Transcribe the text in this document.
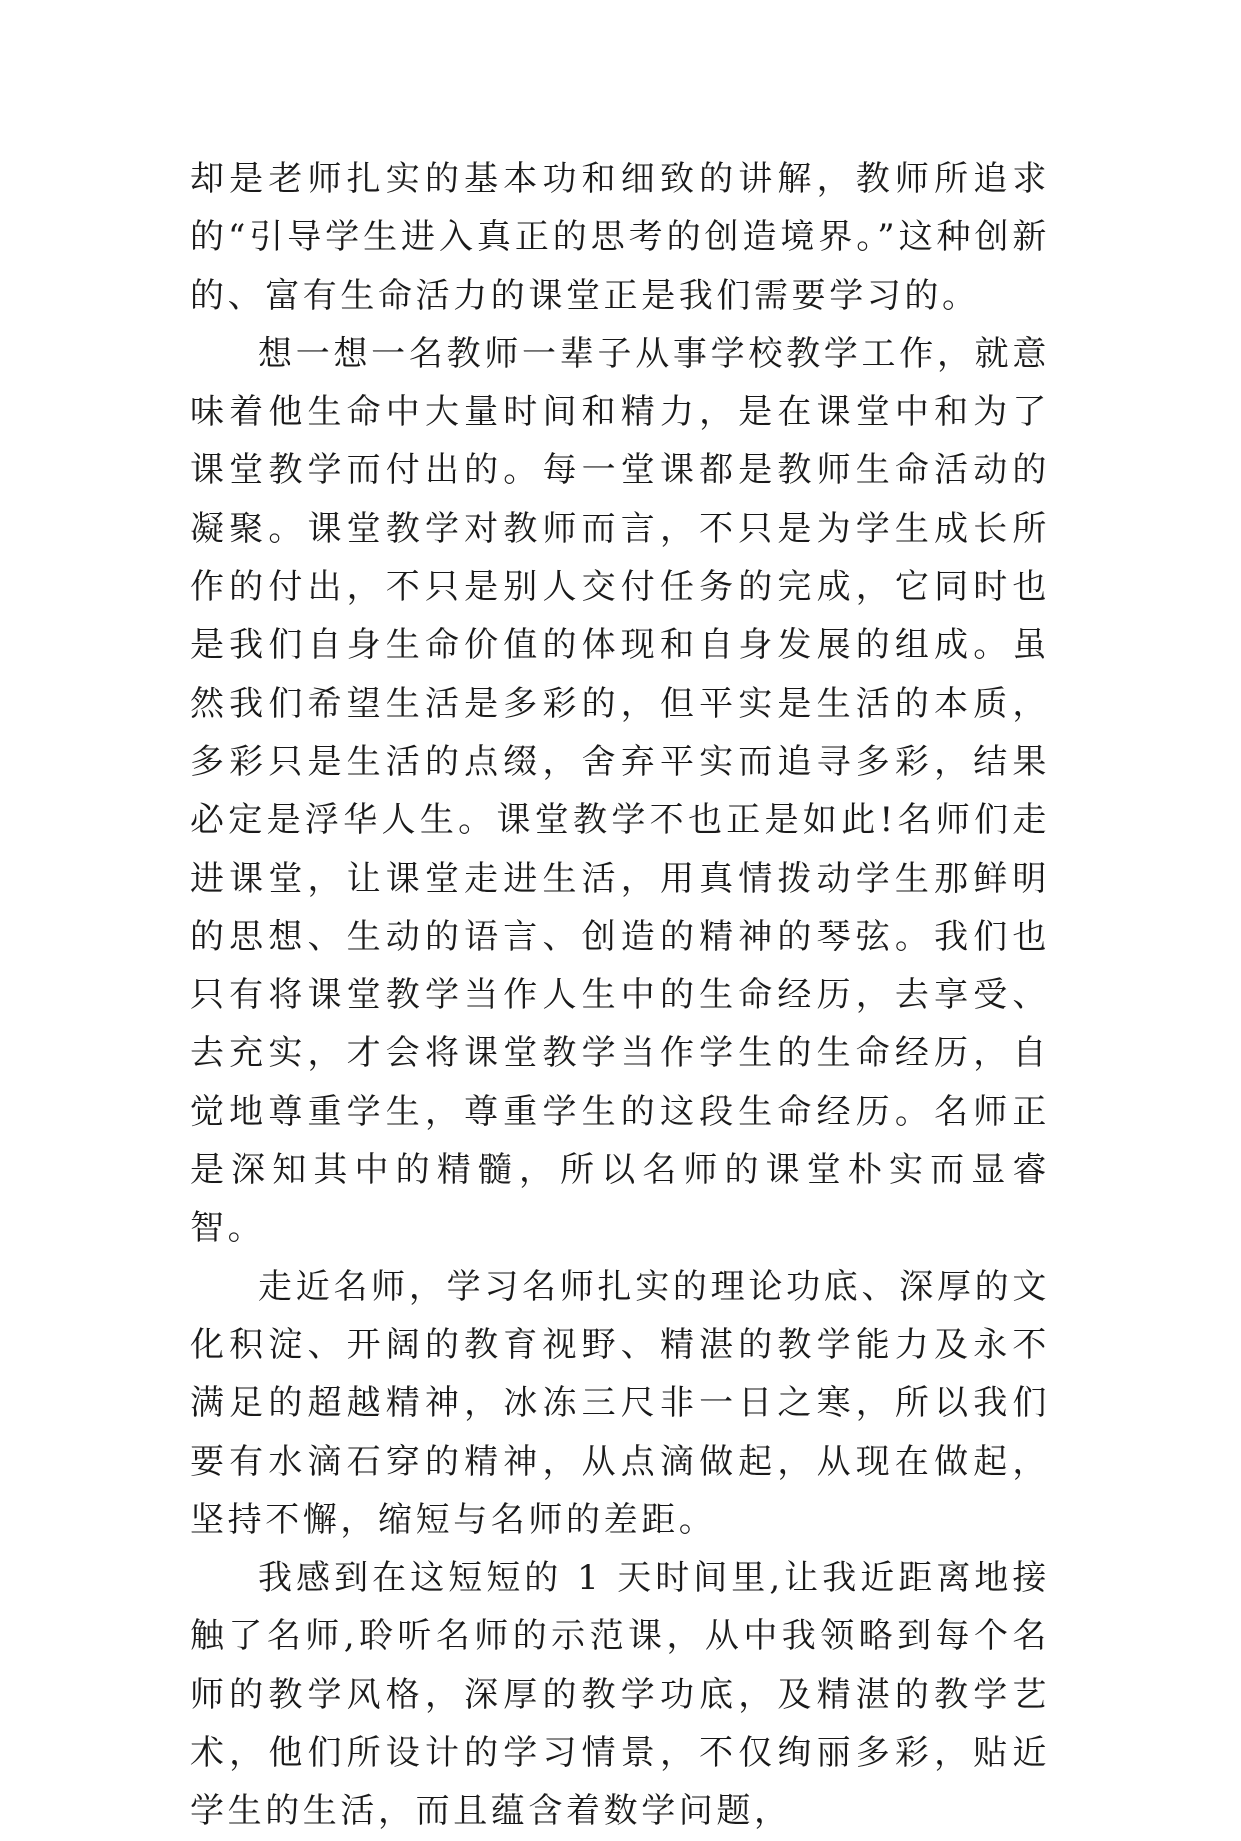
却是老师扎实的基本功和细致的讲解，教师所追求的“引导学生进入真正的思考的创造境界。”这种创新的、富有生命活力的课堂正是我们需要学习的。

想一想一名教师一辈子从事学校教学工作，就意味着他生命中大量时间和精力，是在课堂中和为了课堂教学而付出的。每一堂课都是教师生命活动的凝聚。课堂教学对教师而言，不只是为学生成长所作的付出，不只是别人交付任务的完成，它同时也是我们自身生命价值的体现和自身发展的组成。虽然我们希望生活是多彩的，但平实是生活的本质，多彩只是生活的点缀，舍弃平实而追寻多彩，结果必定是浮华人生。课堂教学不也正是如此!名师们走进课堂，让课堂走进生活，用真情拨动学生那鲜明的思想、生动的语言、创造的精神的琴弦。我们也只有将课堂教学当作人生中的生命经历，去享受、去充实，才会将课堂教学当作学生的生命经历，自觉地尊重学生，尊重学生的这段生命经历。名师正是深知其中的精髓，所以名师的课堂朴实而显睿智。

走近名师，学习名师扎实的理论功底、深厚的文化积淀、开阔的教育视野、精湛的教学能力及永不满足的超越精神，冰冻三尺非一日之寒，所以我们要有水滴石穿的精神，从点滴做起，从现在做起，坚持不懈，缩短与名师的差距。

我感到在这短短的 1 天时间里,让我近距离地接触了名师,聆听名师的示范课，从中我领略到每个名师的教学风格，深厚的教学功底，及精湛的教学艺术，他们所设计的学习情景，不仅绚丽多彩，贴近学生的生活，而且蕴含着数学问题，
